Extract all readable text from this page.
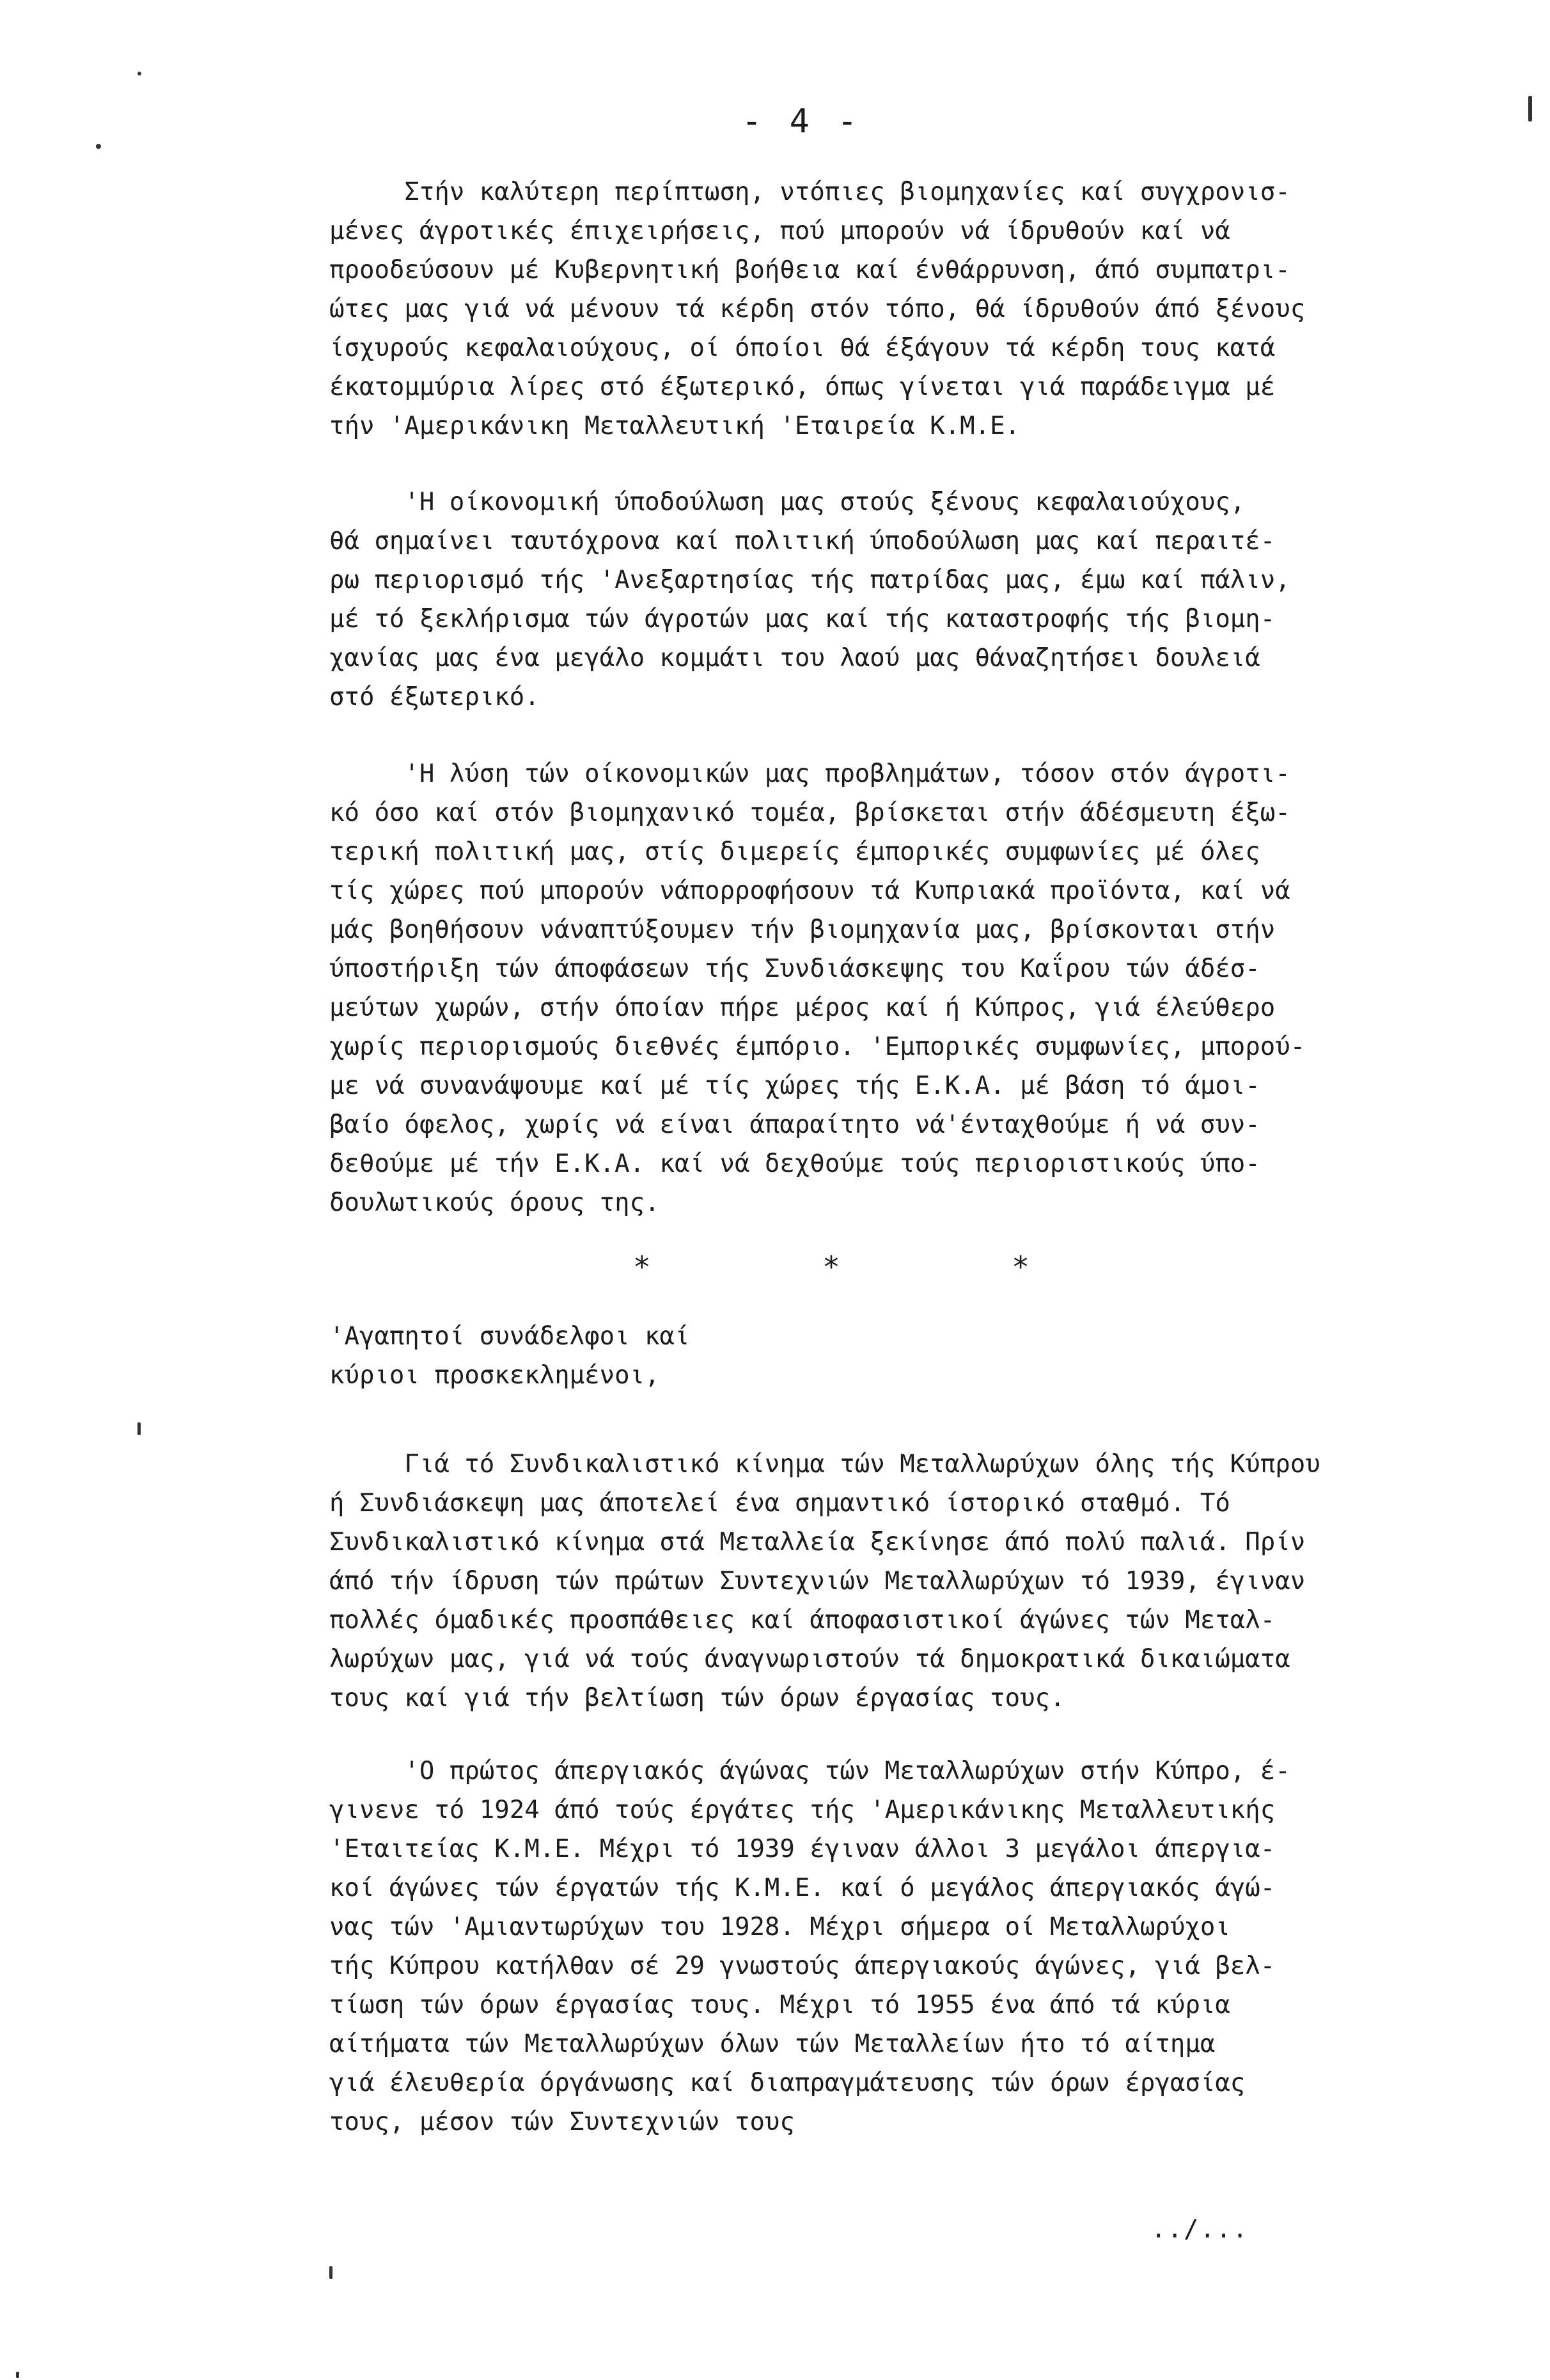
- 4 -

Στήν καλύτερη περίπτωση, ντόπιες βιομηχανίες καί συγχρονισ-
μένες άγροτικές έπιχειρήσεις, πού μπορούν νά ίδρυθούν καί νά
προοδεύσουν μέ Κυβερνητική βοήθεια καί ένθάρρυνση, άπό συμπατρι-
ώτες μας γιά νά μένουν τά κέρδη στόν τόπο, θά ίδρυθούν άπό ξένους
ίσχυρούς κεφαλαιούχους, οί όποίοι θά έξάγουν τά κέρδη τους κατά
έκατομμύρια λίρες στό έξωτερικό, όπως γίνεται γιά παράδειγμα μέ
τήν 'Αμερικάνικη Μεταλλευτική 'Εταιρεία Κ.Μ.Ε.

'Η οίκονομική ύποδούλωση μας στούς ξένους κεφαλαιούχους,
θά σημαίνει ταυτόχρονα καί πολιτική ύποδούλωση μας καί περαιτέ-
ρω περιορισμό τής 'Ανεξαρτησίας τής πατρίδας μας, έμω καί πάλιν,
μέ τό ξεκλήρισμα τών άγροτών μας καί τής καταστροφής τής βιομη-
χανίας μας ένα μεγάλο κομμάτι του λαού μας θάναζητήσει δουλειά
στό έξωτερικό.

'Η λύση τών οίκονομικών μας προβλημάτων, τόσον στόν άγροτι-
κό όσο καί στόν βιομηχανικό τομέα, βρίσκεται στήν άδέσμευτη έξω-
τερική πολιτική μας, στίς διμερείς έμπορικές συμφωνίες μέ όλες
τίς χώρες πού μπορούν νάπορροφήσουν τά Κυπριακά προϊόντα, καί νά
μάς βοηθήσουν νάναπτύξουμεν τήν βιομηχανία μας, βρίσκονται στήν
ύποστήριξη τών άποφάσεων τής Συνδιάσκεψης του Καΐρου τών άδέσ-
μεύτων χωρών, στήν όποίαν πήρε μέρος καί ή Κύπρος, γιά έλεύθερο
χωρίς περιορισμούς διεθνές έμπόριο. 'Εμπορικές συμφωνίες, μπορού-
με νά συνανάψουμε καί μέ τίς χώρες τής Ε.Κ.Α. μέ βάση τό άμοι-
βαίο όφελος, χωρίς νά είναι άπαραίτητο νά'ένταχθούμε ή νά συν-
δεθούμε μέ τήν Ε.Κ.Α. καί νά δεχθούμε τούς περιοριστικούς ύπο-
δουλωτικούς όρους της.

*	*	*

'Αγαπητοί συνάδελφοι καί
κύριοι προσκεκλημένοι,

Γιά τό Συνδικαλιστικό κίνημα τών Μεταλλωρύχων όλης τής Κύπρου
ή Συνδιάσκεψη μας άποτελεί ένα σημαντικό ίστορικό σταθμό. Τό
Συνδικαλιστικό κίνημα στά Μεταλλεία ξεκίνησε άπό πολύ παλιά. Πρίν
άπό τήν ίδρυση τών πρώτων Συντεχνιών Μεταλλωρύχων τό 1939, έγιναν
πολλές όμαδικές προσπάθειες καί άποφασιστικοί άγώνες τών Μεταλ-
λωρύχων μας, γιά νά τούς άναγνωριστούν τά δημοκρατικά δικαιώματα
τους καί γιά τήν βελτίωση τών όρων έργασίας τους.

'Ο πρώτος άπεργιακός άγώνας τών Μεταλλωρύχων στήν Κύπρο, έ-
γινενε τό 1924 άπό τούς έργάτες τής 'Αμερικάνικης Μεταλλευτικής
'Εταιτείας Κ.Μ.Ε. Μέχρι τό 1939 έγιναν άλλοι 3 μεγάλοι άπεργια-
κοί άγώνες τών έργατών τής Κ.Μ.Ε. καί ό μεγάλος άπεργιακός άγώ-
νας τών 'Αμιαντωρύχων του 1928. Μέχρι σήμερα οί Μεταλλωρύχοι
τής Κύπρου κατήλθαν σέ 29 γνωστούς άπεργιακούς άγώνες, γιά βελ-
τίωση τών όρων έργασίας τους. Μέχρι τό 1955 ένα άπό τά κύρια
αίτήματα τών Μεταλλωρύχων όλων τών Μεταλλείων ήτο τό αίτημα
γιά έλευθερία όργάνωσης καί διαπραγμάτευσης τών όρων έργασίας
τους, μέσον τών Συντεχνιών τους

../...
